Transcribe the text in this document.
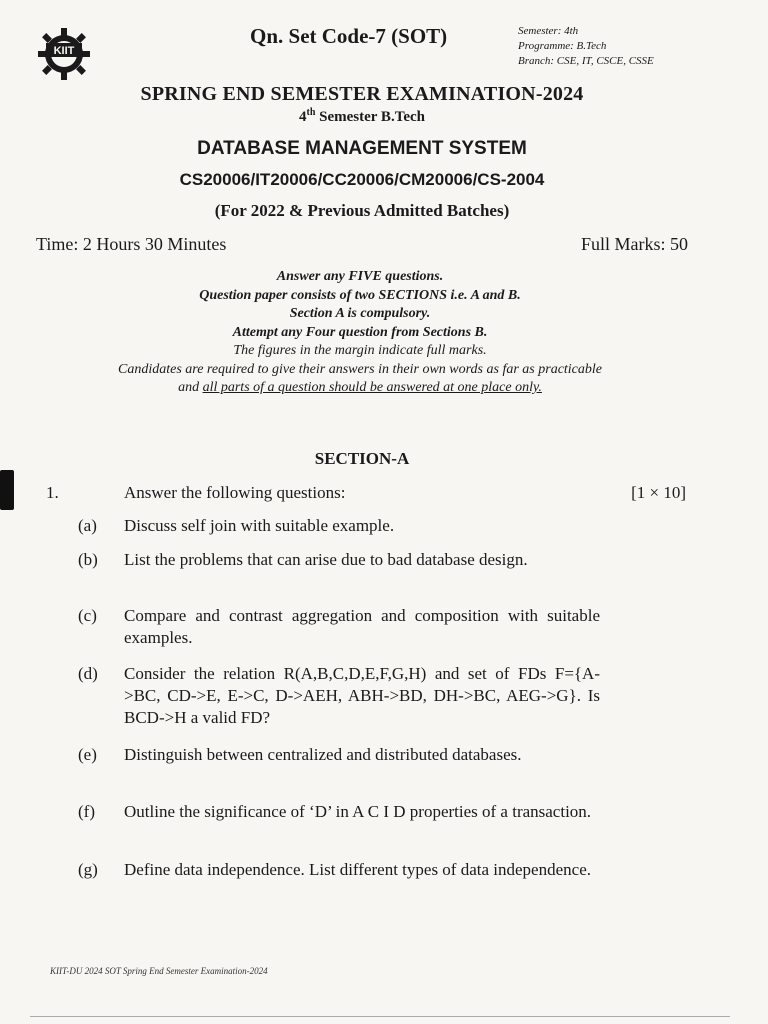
KIIT
Qn. Set Code-7 (SOT)	Semester: 4th
Programme: B.Tech
Branch: CSE, IT, CSCE, CSSE
SPRING END SEMESTER EXAMINATION-2024
4th Semester B.Tech
DATABASE MANAGEMENT SYSTEM
CS20006/IT20006/CC20006/CM20006/CS-2004
(For 2022 & Previous Admitted Batches)
Time: 2 Hours 30 Minutes	Full Marks: 50
Answer any FIVE questions.
Question paper consists of two SECTIONS i.e. A and B.
Section A is compulsory.
Attempt any Four question from Sections B.
The figures in the margin indicate full marks.
Candidates are required to give their answers in their own words as far as practicable
and all parts of a question should be answered at one place only.
SECTION-A
1.	Answer the following questions:	[1 × 10]
(a)	Discuss self join with suitable example.
(b)	List the problems that can arise due to bad database design.
(c)	Compare and contrast aggregation and composition with suitable examples.
(d)	Consider the relation R(A,B,C,D,E,F,G,H) and set of FDs F={A->BC, CD->E, E->C, D->AEH, ABH->BD, DH->BC, AEG->G}. Is BCD->H a valid FD?
(e)	Distinguish between centralized and distributed databases.
(f)	Outline the significance of ‘D’ in A C I D properties of a transaction.
(g)	Define data independence. List different types of data independence.
KIIT-DU 2024 SOT Spring End Semester Examination-2024
